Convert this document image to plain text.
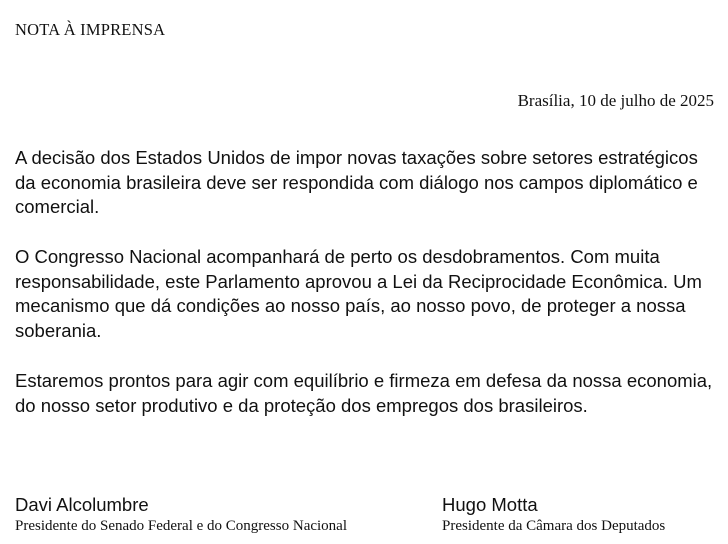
NOTA À IMPRENSA
Brasília, 10 de julho de 2025

A decisão dos Estados Unidos de impor novas taxações sobre setores estratégicos da economia brasileira deve ser respondida com diálogo nos campos diplomático e comercial.

O Congresso Nacional acompanhará de perto os desdobramentos. Com muita responsabilidade, este Parlamento aprovou a Lei da Reciprocidade Econômica. Um mecanismo que dá condições ao nosso país, ao nosso povo, de proteger a nossa soberania.

Estaremos prontos para agir com equilíbrio e firmeza em defesa da nossa economia, do nosso setor produtivo e da proteção dos empregos dos brasileiros.

Davi Alcolumbre
Presidente do Senado Federal e do Congresso Nacional
Hugo Motta
Presidente da Câmara dos Deputados
